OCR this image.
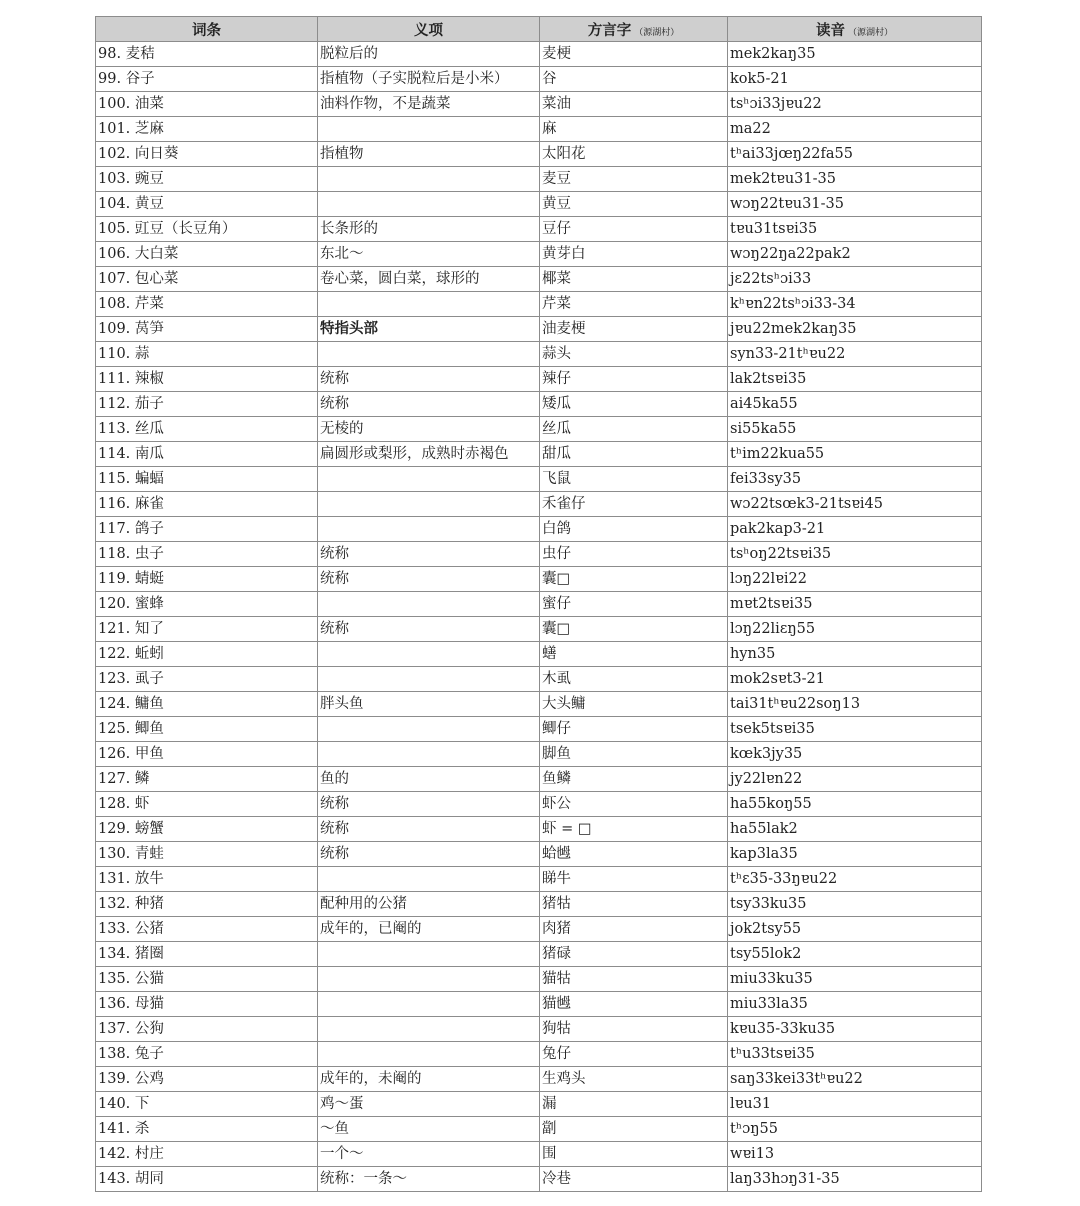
词条	义项	方言字 （源湖村）	读音 （源湖村）
98. 麦秸	脱粒后的	麦梗	mek2kaŋ35
99. 谷子	指植物（子实脱粒后是小米）	谷	kok5-21
100. 油菜	油料作物，不是蔬菜	菜油	tsʰɔi33jɐu22
101. 芝麻		麻	ma22
102. 向日葵	指植物	太阳花	tʰai33jœŋ22fa55
103. 豌豆		麦豆	mek2tɐu31-35
104. 黄豆		黄豆	wɔŋ22tɐu31-35
105. 豇豆（长豆角）	长条形的	豆仔	tɐu31tsɐi35
106. 大白菜	东北～	黄芽白	wɔŋ22ŋa22pak2
107. 包心菜	卷心菜，圆白菜，球形的	椰菜	jɛ22tsʰɔi33
108. 芹菜		芹菜	kʰɐn22tsʰɔi33-34
109. 莴笋	特指头部	油麦梗	jɐu22mek2kaŋ35
110. 蒜		蒜头	syn33-21tʰɐu22
111. 辣椒	统称	辣仔	lak2tsɐi35
112. 茄子	统称	矮瓜	ai45ka55
113. 丝瓜	无棱的	丝瓜	si55ka55
114. 南瓜	扁圆形或梨形，成熟时赤褐色	甜瓜	tʰim22kua55
115. 蝙蝠		飞鼠	fei33sy35
116. 麻雀		禾雀仔	wɔ22tsœk3-21tsɐi45
117. 鸽子		白鸽	pak2kap3-21
118. 虫子	统称	虫仔	tsʰoŋ22tsɐi35
119. 蜻蜓	统称	囊□	lɔŋ22lɐi22
120. 蜜蜂		蜜仔	mɐt2tsɐi35
121. 知了	统称	囊□	lɔŋ22liɛŋ55
122. 蚯蚓		蟮	hyn35
123. 虱子		木虱	mok2sɐt3-21
124. 鳙鱼	胖头鱼	大头鳙	tai31tʰɐu22soŋ13
125. 鲫鱼		鲫仔	tsek5tsɐi35
126. 甲鱼		脚鱼	kœk3jy35
127. 鳞	鱼的	鱼鳞	jy22lɐn22
128. 虾	统称	虾公	ha55koŋ55
129. 螃蟹	统称	虾 = □	ha55lak2
130. 青蛙	统称	蛤乸	kap3la35
131. 放牛		睇牛	tʰɛ35-33ŋɐu22
132. 种猪	配种用的公猪	猪牯	tsy33ku35
133. 公猪	成年的，已阉的	肉猪	jok2tsy55
134. 猪圈		猪碌	tsy55lok2
135. 公猫		猫牯	miu33ku35
136. 母猫		猫乸	miu33la35
137. 公狗		狗牯	kɐu35-33ku35
138. 兔子		兔仔	tʰu33tsɐi35
139. 公鸡	成年的，未阉的	生鸡头	saŋ33kei33tʰɐu22
140. 下	鸡～蛋	漏	lɐu31
141. 杀	～鱼	劏	tʰɔŋ55
142. 村庄	一个～	围	wɐi13
143. 胡同	统称：一条～	冷巷	laŋ33hɔŋ31-35
